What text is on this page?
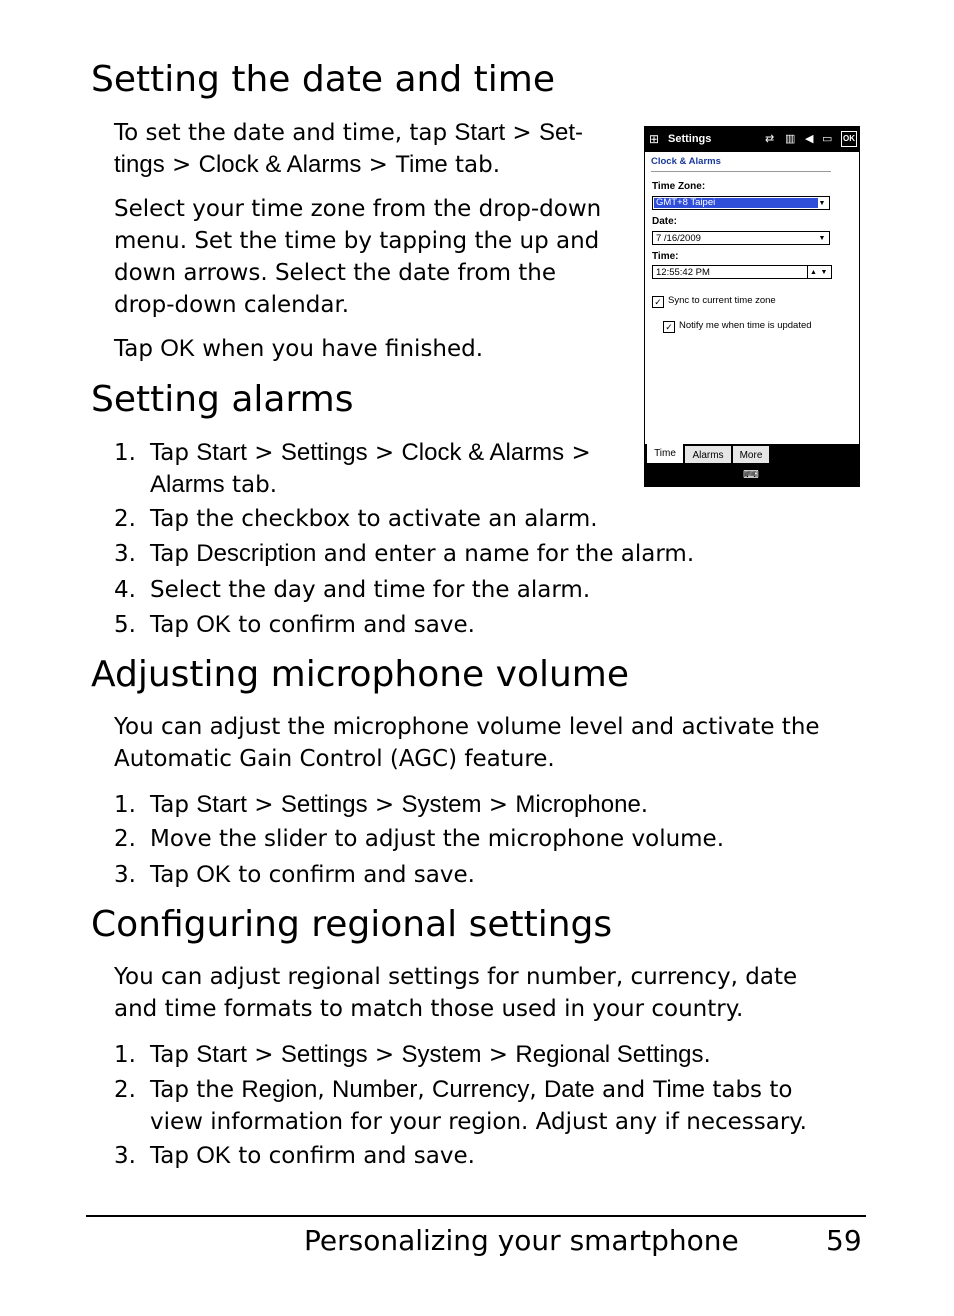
Setting the date and time

To set the date and time, tap Start > Set-
tings > Clock & Alarms > Time tab.

Select your time zone from the drop-down
menu. Set the time by tapping the up and
down arrows. Select the date from the
drop-down calendar.

Tap OK when you have finished.

⊞ Settings	⇄ ▥ ◀ ▭ OK
Clock & Alarms
Time Zone:
GMT+8 Taipei	▼
Date:
7 /16/2009	▼
Time:
12:55:42 PM	▲ ▼
✓ Sync to current time zone
✓ Notify me when time is updated
Time	Alarms	More
⌨
Setting alarms
1. Tap Start > Settings > Clock & Alarms >
Alarms tab.
2. Tap the checkbox to activate an alarm.
3. Tap Description and enter a name for the alarm.
4. Select the day and time for the alarm.
5. Tap OK to confirm and save.
Adjusting microphone volume

You can adjust the microphone volume level and activate the
Automatic Gain Control (AGC) feature.

1. Tap Start > Settings > System > Microphone.
2. Move the slider to adjust the microphone volume.
3. Tap OK to confirm and save.
Configuring regional settings

You can adjust regional settings for number, currency, date
and time formats to match those used in your country.

1. Tap Start > Settings > System > Regional Settings.
2. Tap the Region, Number, Currency, Date and Time tabs to
view information for your region. Adjust any if necessary.
3. Tap OK to confirm and save.
Personalizing your smartphone	59
